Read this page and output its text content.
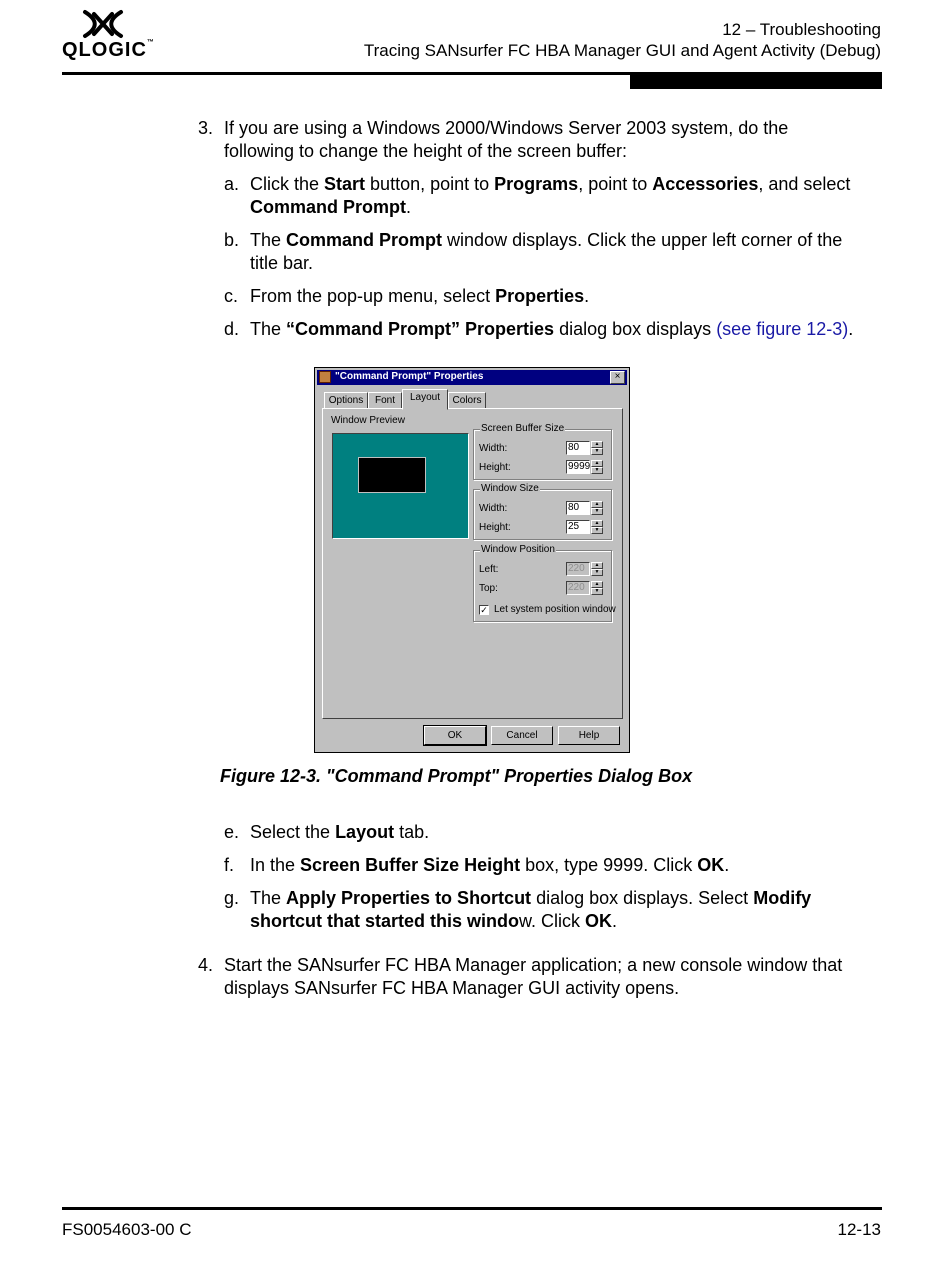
QLOGIC™
12 – Troubleshooting
Tracing SANsurfer FC HBA Manager GUI and Agent Activity (Debug)
3. If you are using a Windows 2000/Windows Server 2003 system, do the
following to change the height of the screen buffer:
a. Click the Start button, point to Programs, point to Accessories, and select
Command Prompt.
b. The Command Prompt window displays. Click the upper left corner of the
title bar.
c. From the pop-up menu, select Properties.
d. The “Command Prompt” Properties dialog box displays (see figure 12-3).
"Command Prompt" Properties	×
Options	Font	Layout	Colors
Window Preview
Screen Buffer Size
Width:	80	▲
▼
Height:	9999 ▲
▼
Window Size
Width:	80	▲
▼
Height:	25	▲
▼
Window Position
Left:	220	▲
▼
Top:	220	▲
▼
✓ Let system position window
OK	Cancel	Help
Figure 12-3. "Command Prompt" Properties Dialog Box
e. Select the Layout tab.
f. In the Screen Buffer Size Height box, type 9999. Click OK.
g. The Apply Properties to Shortcut dialog box displays. Select Modify
shortcut that started this window. Click OK.
4. Start the SANsurfer FC HBA Manager application; a new console window that
displays SANsurfer FC HBA Manager GUI activity opens.
FS0054603-00 C	12-13
